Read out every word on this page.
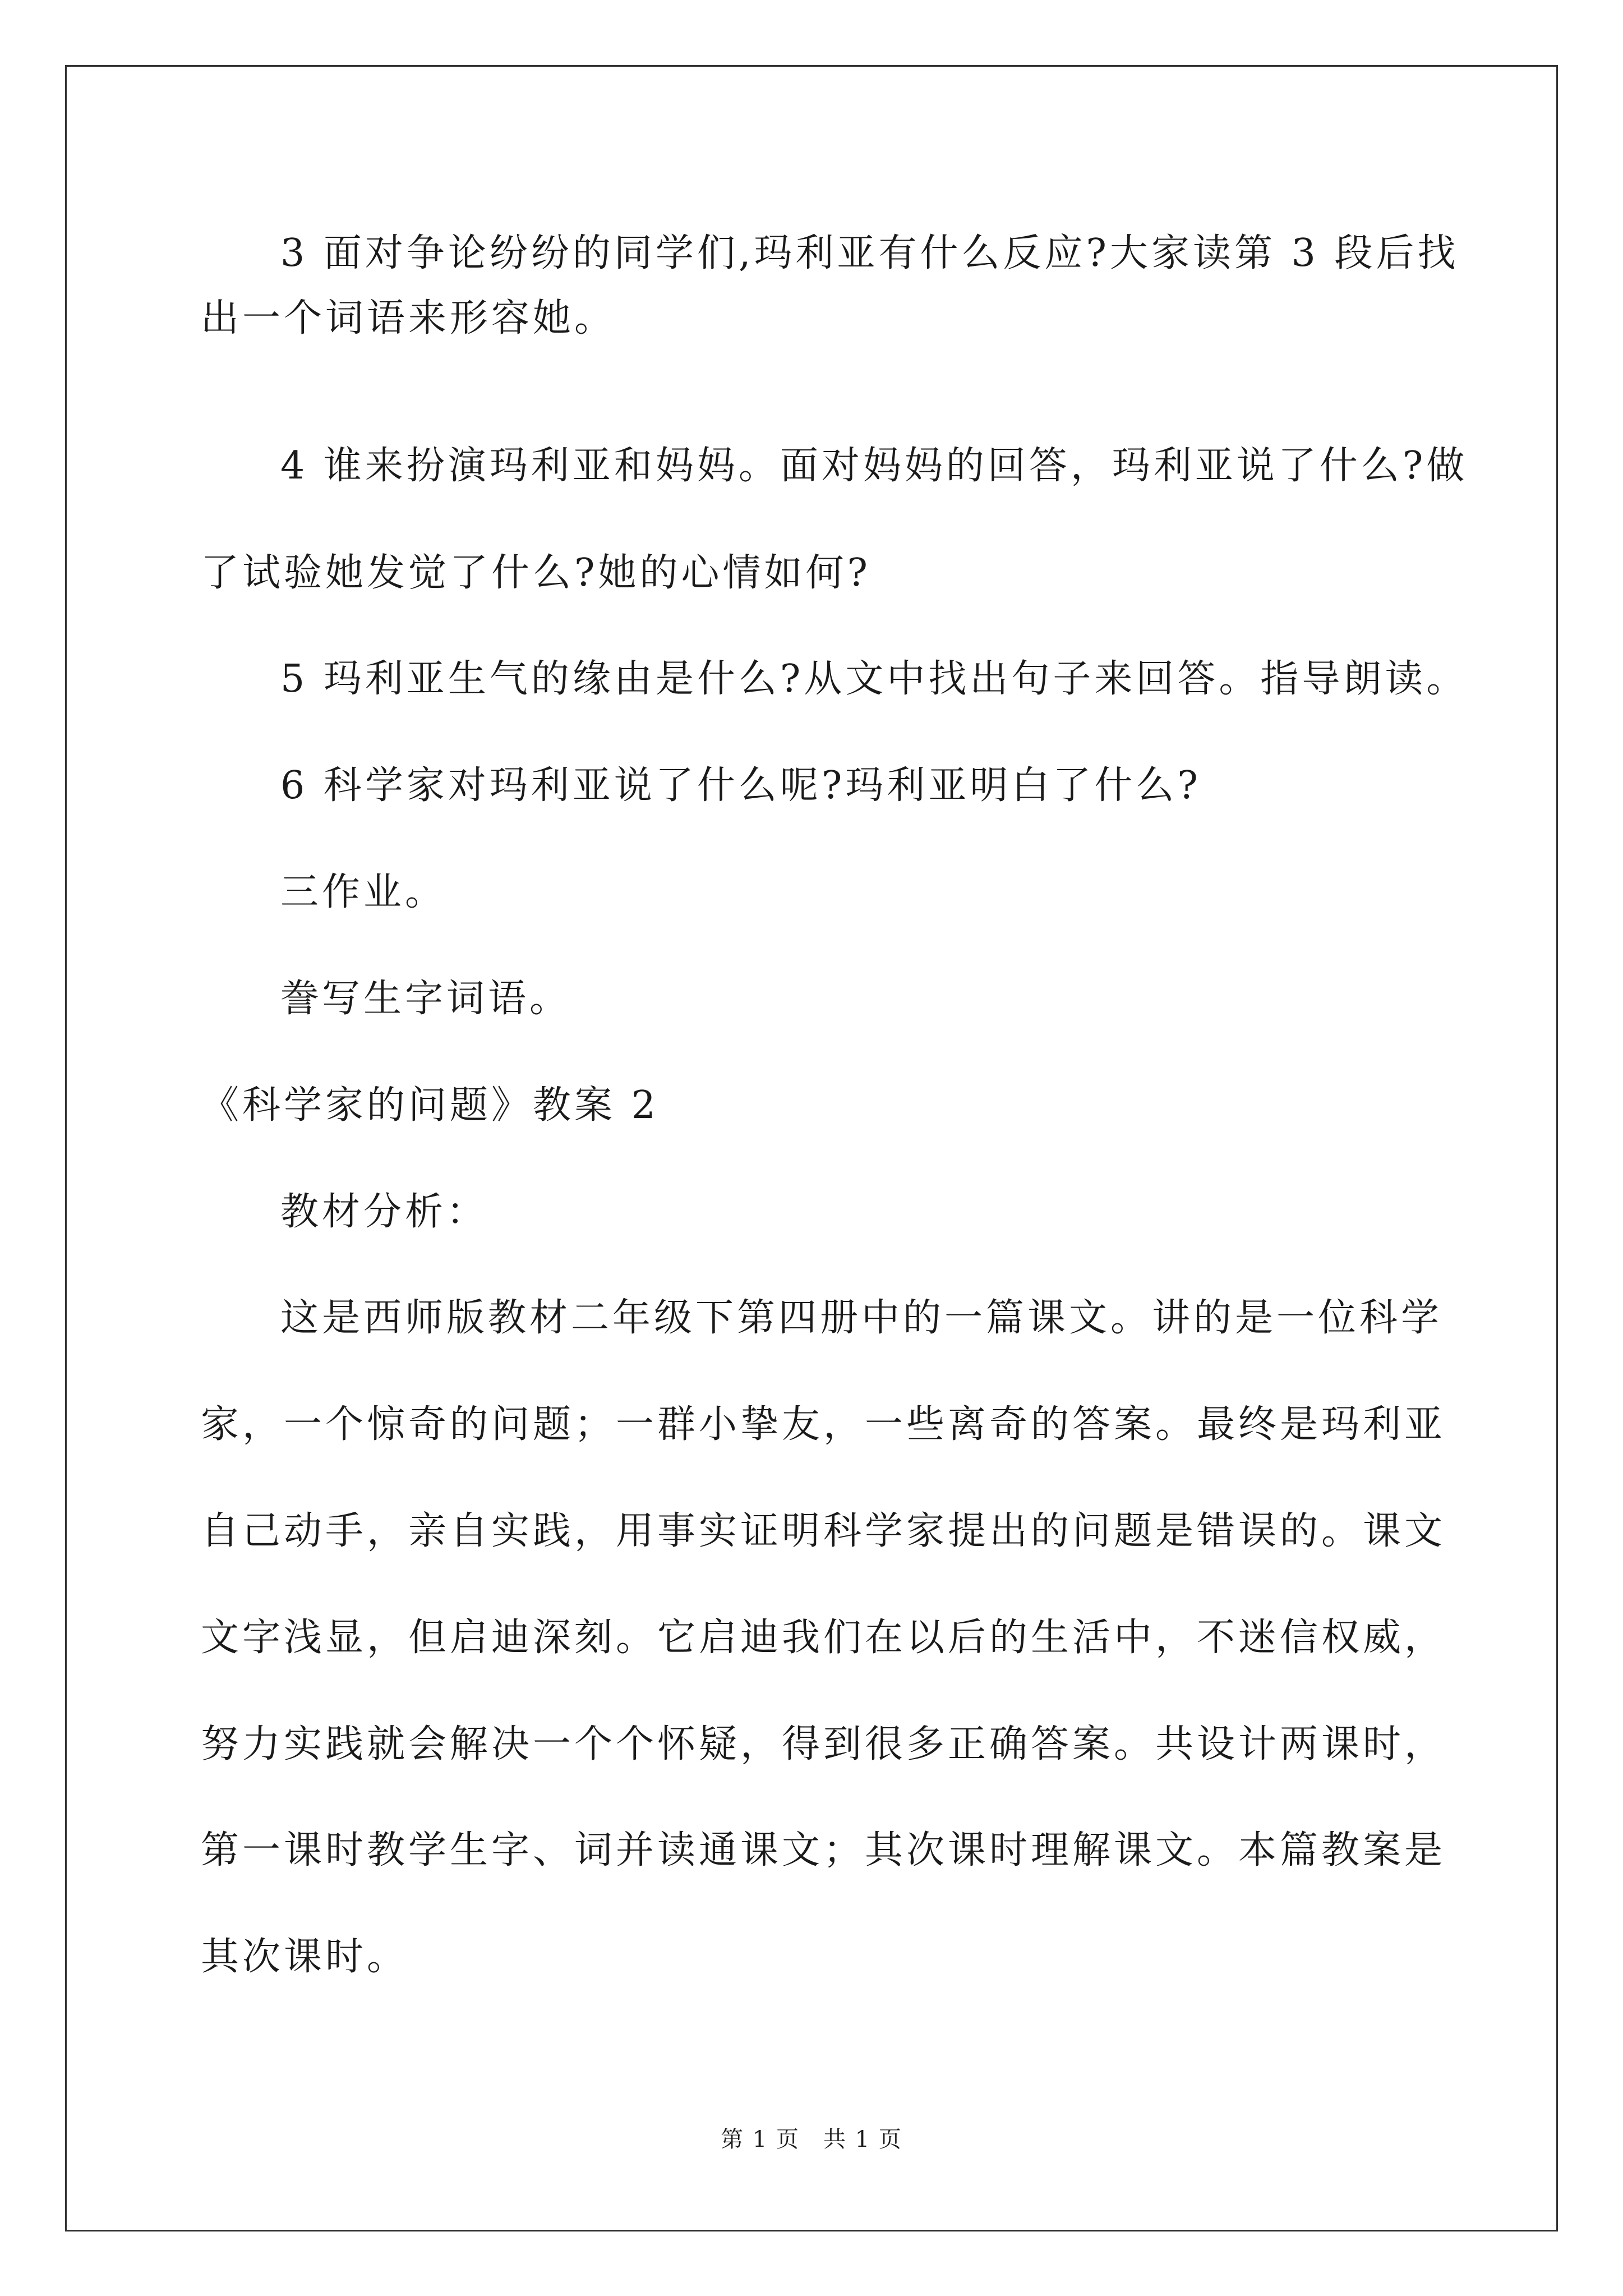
3 面对争论纷纷的同学们,玛利亚有什么反应?大家读第 3 段后找
出一个词语来形容她。
4 谁来扮演玛利亚和妈妈。面对妈妈的回答，玛利亚说了什么?做
了试验她发觉了什么?她的心情如何?
5 玛利亚生气的缘由是什么?从文中找出句子来回答。指导朗读。
6 科学家对玛利亚说了什么呢?玛利亚明白了什么?
三作业。
誊写生字词语。
《科学家的问题》教案 2
教材分析：
这是西师版教材二年级下第四册中的一篇课文。讲的是一位科学
家，一个惊奇的问题；一群小挚友，一些离奇的答案。最终是玛利亚
自己动手，亲自实践，用事实证明科学家提出的问题是错误的。课文
文字浅显，但启迪深刻。它启迪我们在以后的生活中，不迷信权威，
努力实践就会解决一个个怀疑，得到很多正确答案。共设计两课时，
第一课时教学生字、词并读通课文；其次课时理解课文。本篇教案是
其次课时。
第 1 页　共 1 页
